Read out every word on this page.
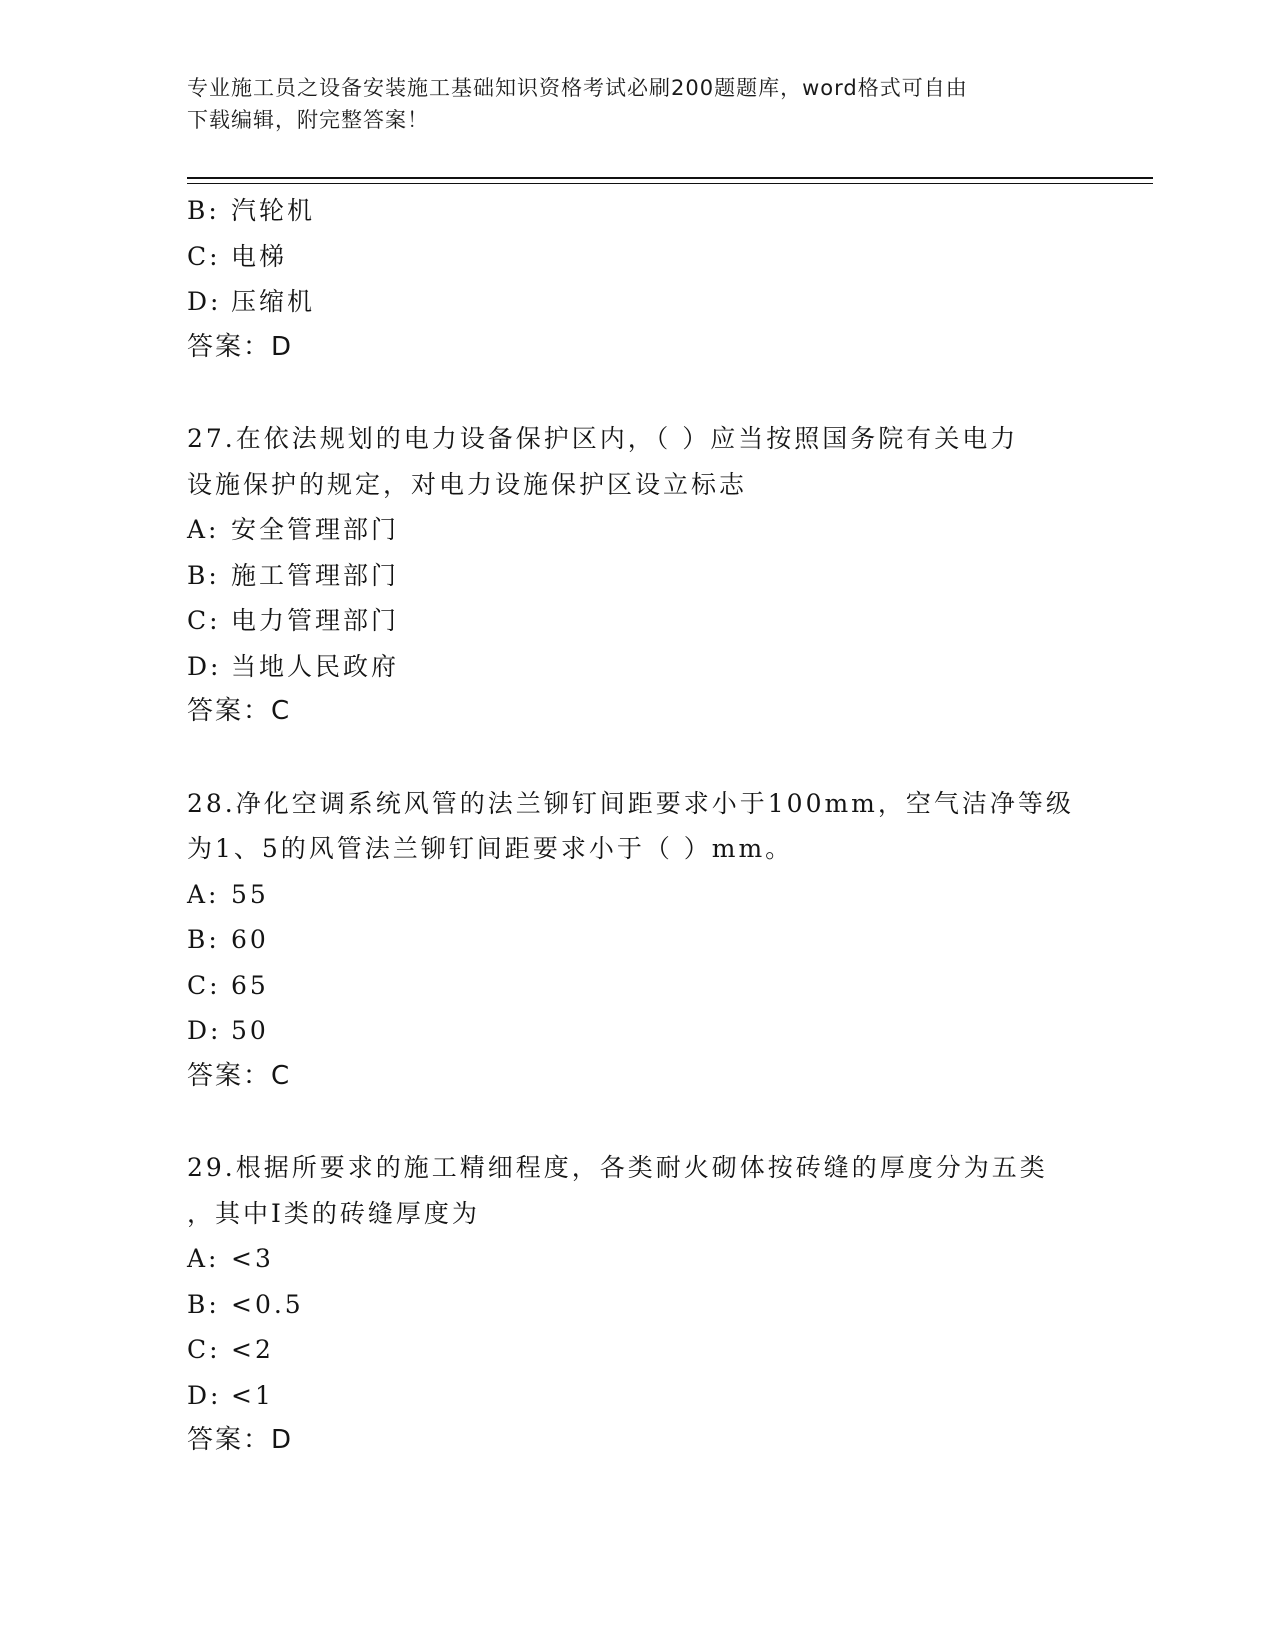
专业施工员之设备安装施工基础知识资格考试必刷200题题库，word格式可自由
下载编辑，附完整答案！
B: 汽轮机
C: 电梯
D: 压缩机
答案：D
27.在依法规划的电力设备保护区内，（ ）应当按照国务院有关电力
设施保护的规定，对电力设施保护区设立标志
A: 安全管理部门
B: 施工管理部门
C: 电力管理部门
D: 当地人民政府
答案：C
28.净化空调系统风管的法兰铆钉间距要求小于100mm，空气洁净等级
为1、5的风管法兰铆钉间距要求小于（ ）mm。
A: 55
B: 60
C: 65
D: 50
答案：C
29.根据所要求的施工精细程度，各类耐火砌体按砖缝的厚度分为五类
，其中I类的砖缝厚度为
A: <3
B: <0.5
C: <2
D: <1
答案：D
